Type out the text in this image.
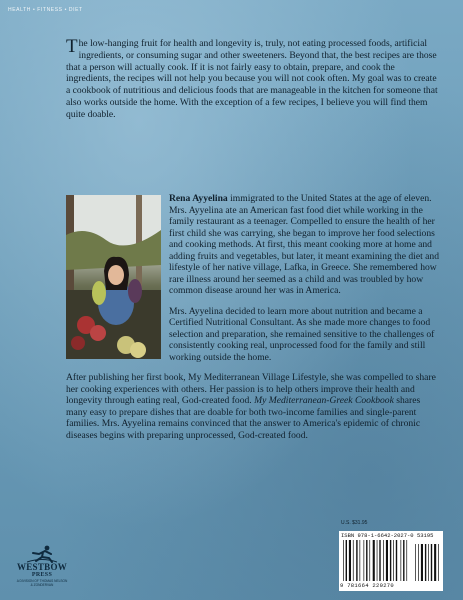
HEALTH • FITNESS • DIET
The low-hanging fruit for health and longevity is, truly, not eating processed foods, artificial ingredients, or consuming sugar and other sweeteners. Beyond that, the best recipes are those that a person will actually cook. If it is not fairly easy to obtain, prepare, and cook the ingredients, the recipes will not help you because you will not cook often. My goal was to create a cookbook of nutritious and delicious foods that are manageable in the kitchen for someone that also works outside the home. With the exception of a few recipes, I believe you will find them quite doable.

Rena Ayyelina immigrated to the United States at the age of eleven. Mrs. Ayyelina ate an American fast food diet while working in the family restaurant as a teenager. Compelled to ensure the health of her first child she was carrying, she began to improve her food selections and cooking methods. At first, this meant cooking more at home and adding fruits and vegetables, but later, it meant examining the diet and lifestyle of her native village, Lafka, in Greece. She remembered how rare illness around her seemed as a child and was troubled by how common disease around her was in America.

Mrs. Ayyelina decided to learn more about nutrition and became a Certified Nutritional Consultant. As she made more changes to food selection and preparation, she remained sensitive to the challenges of consistently cooking real, unprocessed food for the family and still working outside the home.

After publishing her first book, My Mediterranean Village Lifestyle, she was compelled to share her cooking experiences with others. Her passion is to help others improve their health and longevity through eating real, God-created food. My Mediterranean-Greek Cookbook shares many easy to prepare dishes that are doable for both two-income families and single-parent families. Mrs. Ayyelina remains convinced that the answer to America's epidemic of chronic diseases begins with preparing unprocessed, God-created food.

U.S. $31.95
ISBN 978-1-6642-2027-0 53195
9 781664 220270
WESTBOW
PRESS
A DIVISION OF THOMAS NELSON
& ZONDERVAN
